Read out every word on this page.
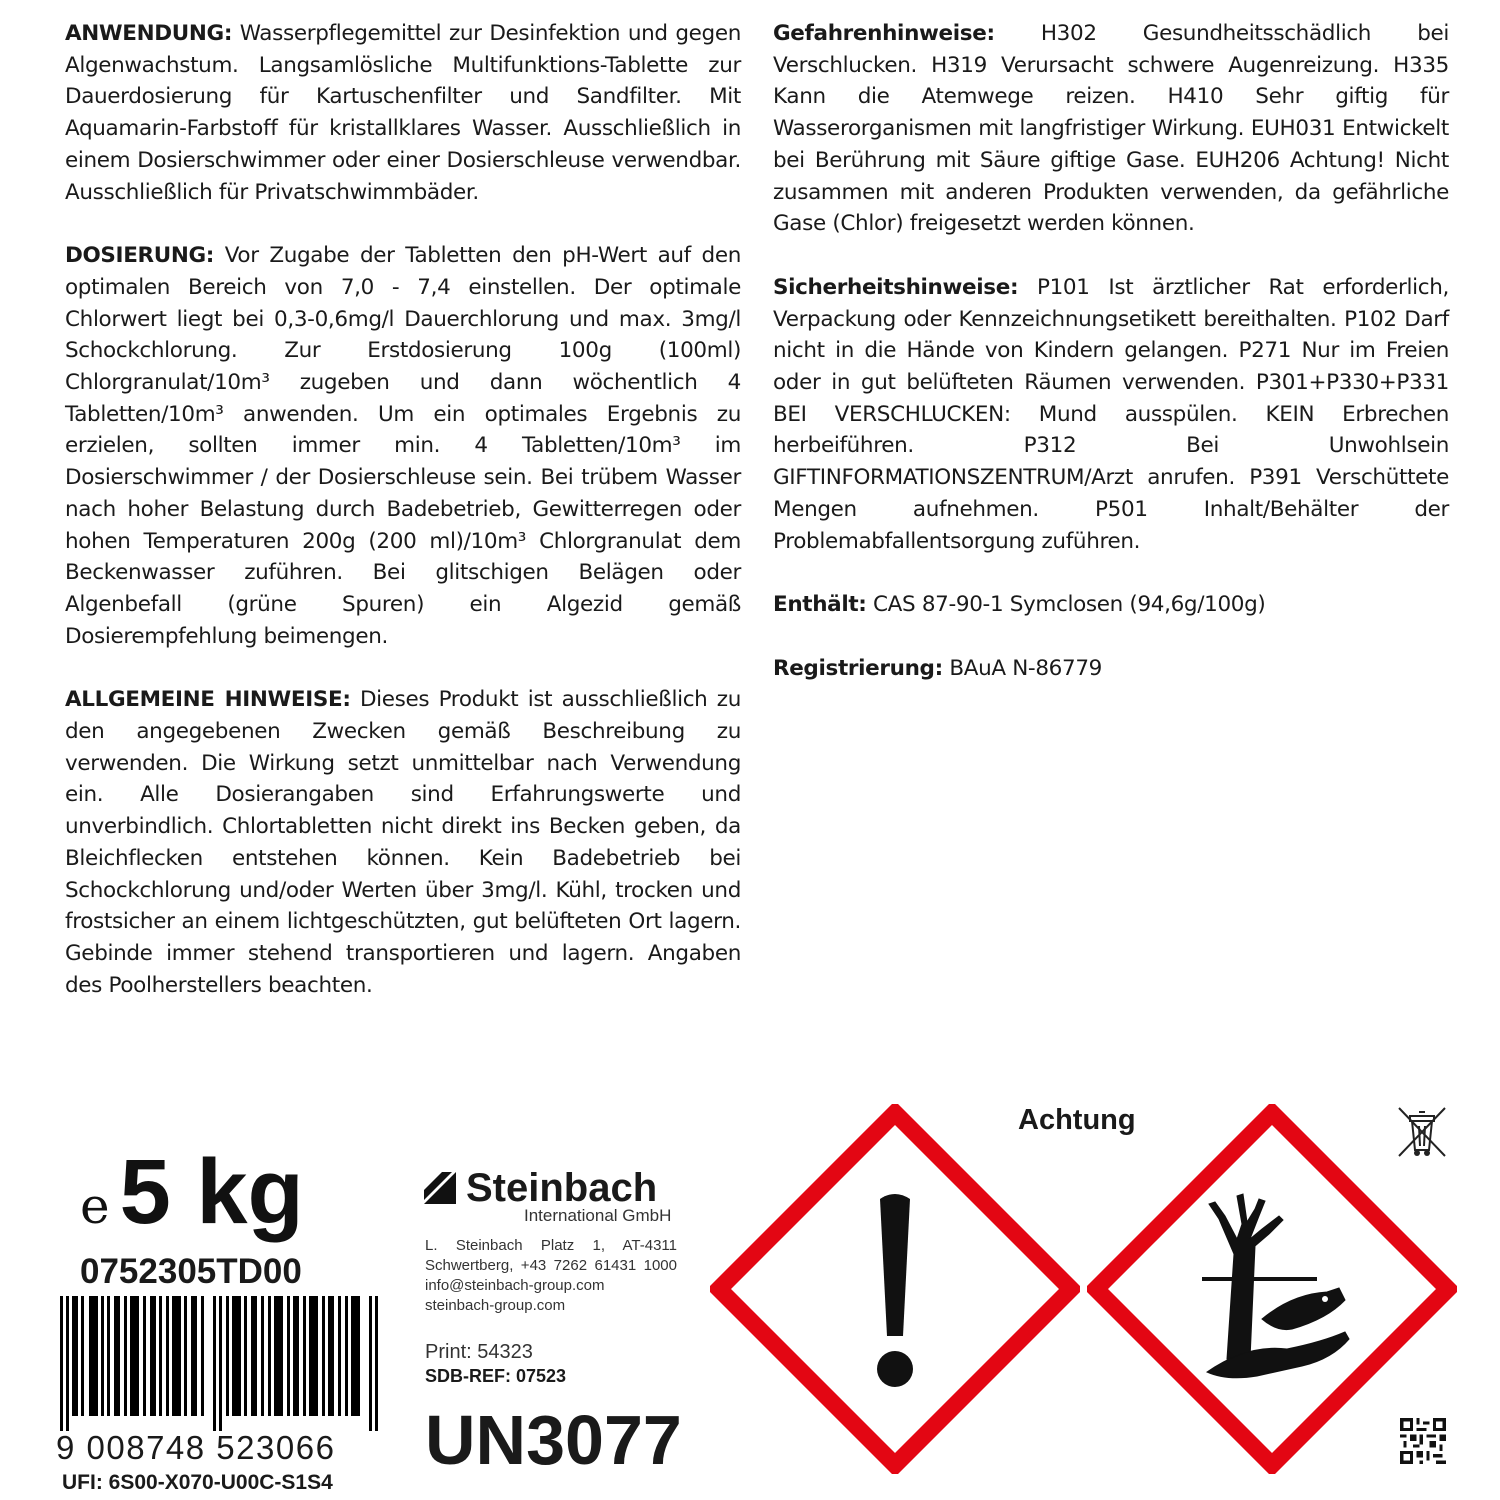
ANWENDUNG: Wasserpflegemittel zur Desinfektion und gegen Algenwachstum. Langsamlösliche Multifunktions-Tablette zur Dauerdosierung für Kartuschenfilter und Sandfilter. Mit Aquamarin-Farbstoff für kristallklares Wasser. Ausschließlich in einem Dosierschwimmer oder einer Dosierschleuse verwendbar. Ausschließlich für Privatschwimmbäder.

DOSIERUNG: Vor Zugabe der Tabletten den pH-Wert auf den optimalen Bereich von 7,0 - 7,4 einstellen. Der optimale Chlorwert liegt bei 0,3-0,6mg/l Dauerchlorung und max. 3mg/l Schockchlorung. Zur Erstdosierung 100g (100ml) Chlorgranulat/10m³ zugeben und dann wöchentlich 4 Tabletten/10m³ anwenden. Um ein optimales Ergebnis zu erzielen, sollten immer min. 4 Tabletten/10m³ im Dosierschwimmer / der Dosierschleuse sein. Bei trübem Wasser nach hoher Belastung durch Badebetrieb, Gewitterregen oder hohen Temperaturen 200g (200 ml)/10m³ Chlorgranulat dem Beckenwasser zuführen. Bei glitschigen Belägen oder Algenbefall (grüne Spuren) ein Algezid gemäß Dosierempfehlung beimengen.

ALLGEMEINE HINWEISE: Dieses Produkt ist ausschließlich zu den angegebenen Zwecken gemäß Beschreibung zu verwenden. Die Wirkung setzt unmittelbar nach Verwendung ein. Alle Dosierangaben sind Erfahrungswerte und unverbindlich. Chlortabletten nicht direkt ins Becken geben, da Bleichflecken entstehen können. Kein Badebetrieb bei Schockchlorung und/oder Werten über 3mg/l. Kühl, trocken und frostsicher an einem lichtgeschützten, gut belüfteten Ort lagern. Gebinde immer stehend transportieren und lagern. Angaben des Poolherstellers beachten.

Gefahrenhinweise: H302 Gesundheitsschädlich bei Verschlucken. H319 Verursacht schwere Augenreizung. H335 Kann die Atemwege reizen. H410 Sehr giftig für Wasserorganismen mit langfristiger Wirkung. EUH031 Entwickelt bei Berührung mit Säure giftige Gase. EUH206 Achtung! Nicht zusammen mit anderen Produkten verwenden, da gefährliche Gase (Chlor) freigesetzt werden können.

Sicherheitshinweise: P101 Ist ärztlicher Rat erforderlich, Verpackung oder Kennzeichnungsetikett bereithalten. P102 Darf nicht in die Hände von Kindern gelangen. P271 Nur im Freien oder in gut belüfteten Räumen verwenden. P301+P330+P331 BEI VERSCHLUCKEN: Mund ausspülen. KEIN Erbrechen herbeiführen. P312 Bei Unwohlsein GIFTINFORMATIONSZENTRUM/Arzt anrufen. P391 Verschüttete Mengen aufnehmen. P501 Inhalt/Behälter der Problemabfallentsorgung zuführen.

Enthält: CAS 87-90-1 Symclosen (94,6g/100g)

Registrierung: BAuA N-86779

e 5 kg
0752305TD00
9 008748 523066
UFI: 6S00-X070-U00C-S1S4
Steinbach
International GmbH
L. Steinbach Platz 1, AT-4311
Schwertberg, +43 7262 61431 1000
info@steinbach-group.com
steinbach-group.com
Print: 54323
SDB-REF: 07523
UN3077
Achtung
